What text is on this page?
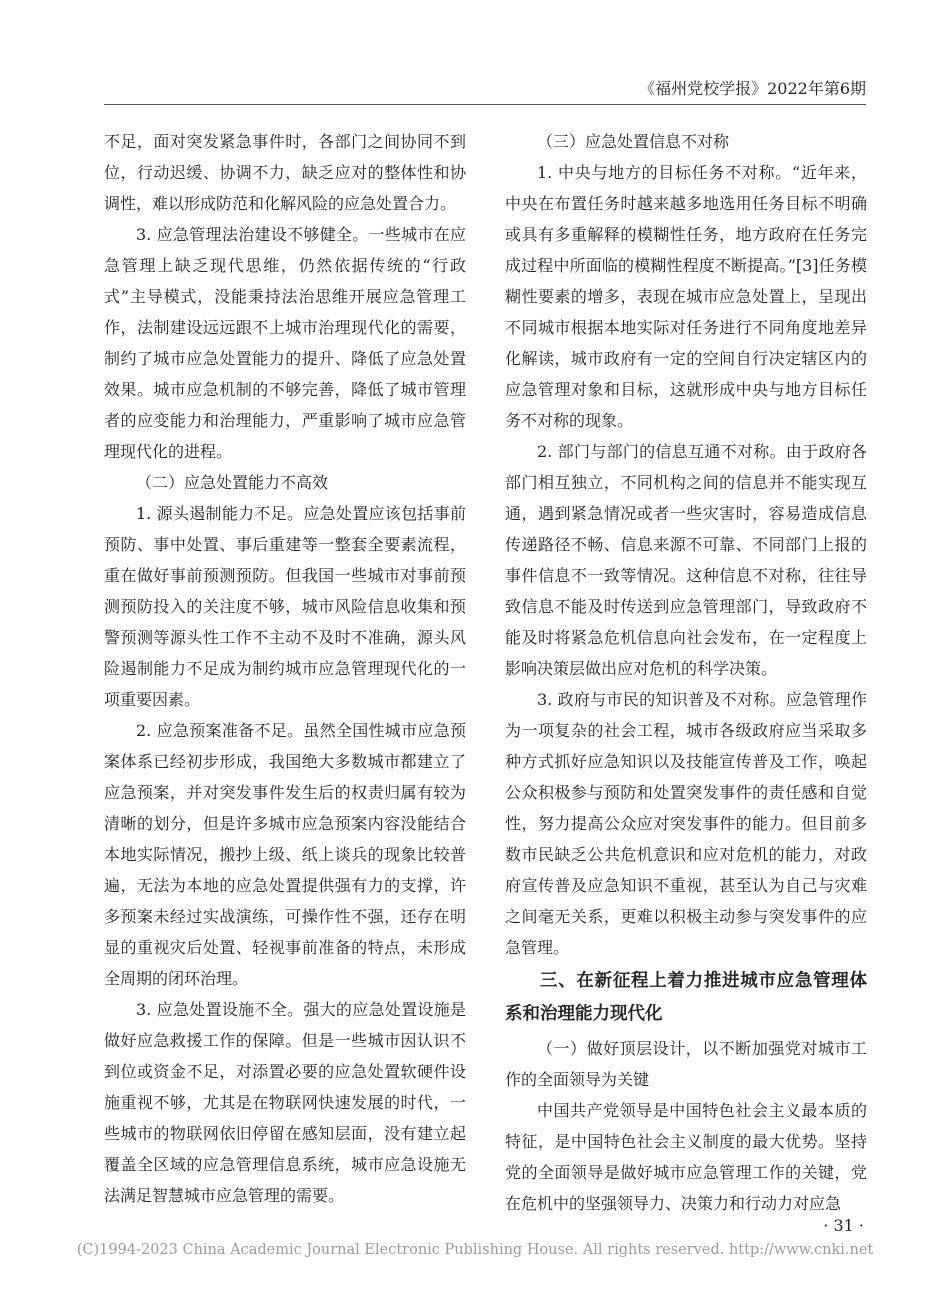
《福州党校学报》2022年第6期

不足，面对突发紧急事件时，各部门之间协同不到位，行动迟缓、协调不力，缺乏应对的整体性和协调性，难以形成防范和化解风险的应急处置合力。

3. 应急管理法治建设不够健全。一些城市在应急管理上缺乏现代思维，仍然依据传统的“行政式”主导模式，没能秉持法治思维开展应急管理工作，法制建设远远跟不上城市治理现代化的需要，制约了城市应急处置能力的提升、降低了应急处置效果。城市应急机制的不够完善，降低了城市管理者的应变能力和治理能力，严重影响了城市应急管理现代化的进程。

（二）应急处置能力不高效

1. 源头遏制能力不足。应急处置应该包括事前预防、事中处置、事后重建等一整套全要素流程，重在做好事前预测预防。但我国一些城市对事前预测预防投入的关注度不够，城市风险信息收集和预警预测等源头性工作不主动不及时不准确，源头风险遏制能力不足成为制约城市应急管理现代化的一项重要因素。

2. 应急预案准备不足。虽然全国性城市应急预案体系已经初步形成，我国绝大多数城市都建立了应急预案，并对突发事件发生后的权责归属有较为清晰的划分，但是许多城市应急预案内容没能结合本地实际情况，搬抄上级、纸上谈兵的现象比较普遍，无法为本地的应急处置提供强有力的支撑，许多预案未经过实战演练，可操作性不强，还存在明显的重视灾后处置、轻视事前准备的特点，未形成全周期的闭环治理。

3. 应急处置设施不全。强大的应急处置设施是做好应急救援工作的保障。但是一些城市因认识不到位或资金不足，对添置必要的应急处置软硬件设施重视不够，尤其是在物联网快速发展的时代，一些城市的物联网依旧停留在感知层面，没有建立起覆盖全区域的应急管理信息系统，城市应急设施无法满足智慧城市应急管理的需要。

（三）应急处置信息不对称

1. 中央与地方的目标任务不对称。“近年来，中央在布置任务时越来越多地选用任务目标不明确或具有多重解释的模糊性任务，地方政府在任务完成过程中所面临的模糊性程度不断提高。”[3]任务模糊性要素的增多，表现在城市应急处置上，呈现出不同城市根据本地实际对任务进行不同角度地差异化解读，城市政府有一定的空间自行决定辖区内的应急管理对象和目标，这就形成中央与地方目标任务不对称的现象。

2. 部门与部门的信息互通不对称。由于政府各部门相互独立，不同机构之间的信息并不能实现互通，遇到紧急情况或者一些灾害时，容易造成信息传递路径不畅、信息来源不可靠、不同部门上报的事件信息不一致等情况。这种信息不对称，往往导致信息不能及时传送到应急管理部门，导致政府不能及时将紧急危机信息向社会发布，在一定程度上影响决策层做出应对危机的科学决策。

3. 政府与市民的知识普及不对称。应急管理作为一项复杂的社会工程，城市各级政府应当采取多种方式抓好应急知识以及技能宣传普及工作，唤起公众积极参与预防和处置突发事件的责任感和自觉性，努力提高公众应对突发事件的能力。但目前多数市民缺乏公共危机意识和应对危机的能力，对政府宣传普及应急知识不重视，甚至认为自己与灾难之间毫无关系，更难以积极主动参与突发事件的应急管理。

三、在新征程上着力推进城市应急管理体系和治理能力现代化

（一）做好顶层设计，以不断加强党对城市工作的全面领导为关键

中国共产党领导是中国特色社会主义最本质的特征，是中国特色社会主义制度的最大优势。坚持党的全面领导是做好城市应急管理工作的关键，党在危机中的坚强领导力、决策力和行动力对应急

· 31 ·
(C)1994-2023 China Academic Journal Electronic Publishing House. All rights reserved. http://www.cnki.net
